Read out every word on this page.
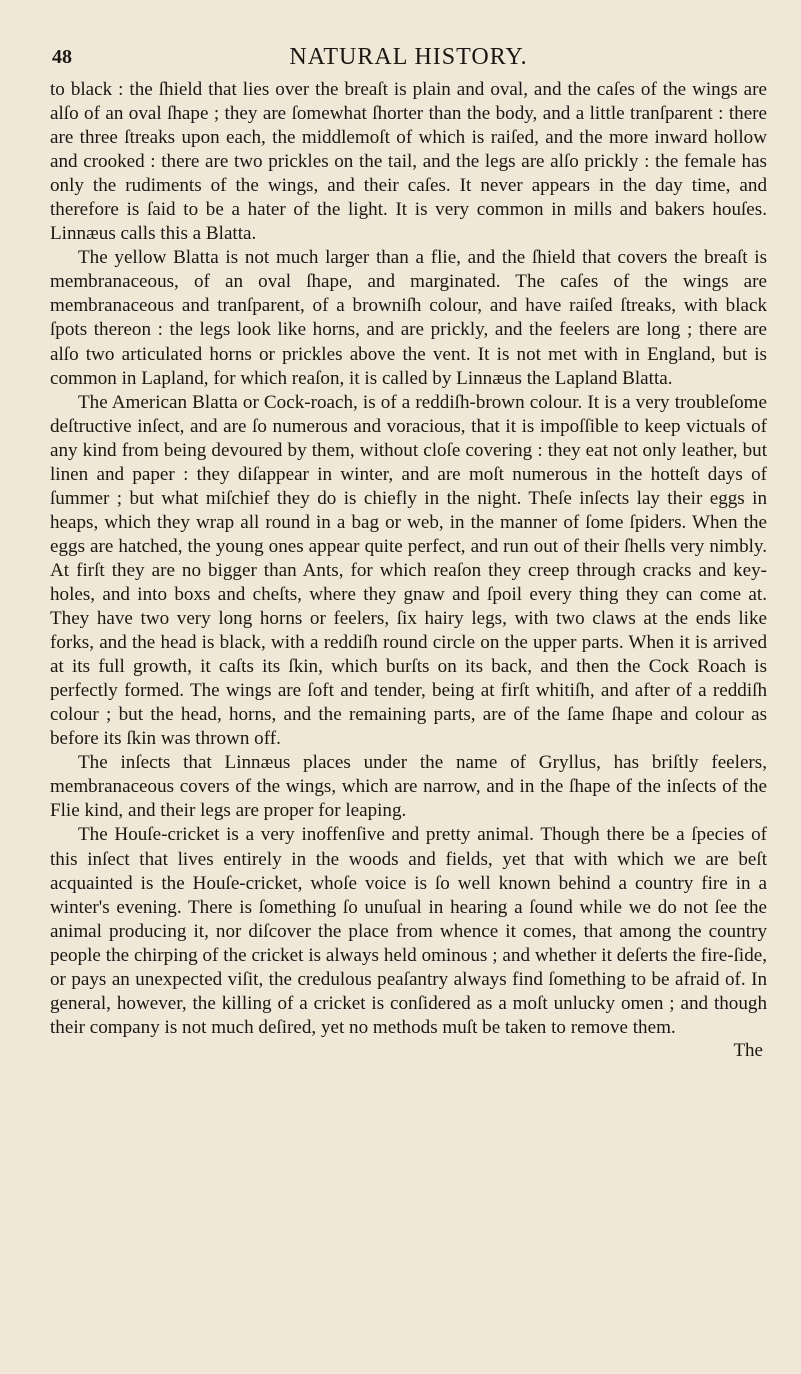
48	NATURAL HISTORY.

to black : the ſhield that lies over the breaſt is plain and oval, and the caſes of the wings are alſo of an oval ſhape ; they are ſomewhat ſhorter than the body, and a little tranſparent : there are three ſtreaks upon each, the middlemoſt of which is raiſed, and the more inward hollow and crooked : there are two prickles on the tail, and the legs are alſo prickly : the female has only the rudiments of the wings, and their caſes. It never appears in the day time, and therefore is ſaid to be a hater of the light. It is very common in mills and bakers houſes. Linnæus calls this a Blatta.

The yellow Blatta is not much larger than a flie, and the ſhield that covers the breaſt is membranaceous, of an oval ſhape, and marginated. The caſes of the wings are membranaceous and tranſparent, of a browniſh colour, and have raiſed ſtreaks, with black ſpots thereon : the legs look like horns, and are prickly, and the feelers are long ; there are alſo two articulated horns or prickles above the vent. It is not met with in England, but is common in Lapland, for which reaſon, it is called by Linnæus the Lapland Blatta.

The American Blatta or Cock-roach, is of a reddiſh-brown colour. It is a very troubleſome deſtructive inſect, and are ſo numerous and voracious, that it is impoſſible to keep victuals of any kind from being devoured by them, without cloſe covering : they eat not only leather, but linen and paper : they diſappear in winter, and are moſt numerous in the hotteſt days of ſummer ; but what miſchief they do is chiefly in the night. Theſe inſects lay their eggs in heaps, which they wrap all round in a bag or web, in the manner of ſome ſpiders. When the eggs are hatched, the young ones appear quite perfect, and run out of their ſhells very nimbly. At firſt they are no bigger than Ants, for which reaſon they creep through cracks and key-holes, and into boxs and cheſts, where they gnaw and ſpoil every thing they can come at. They have two very long horns or feelers, ſix hairy legs, with two claws at the ends like forks, and the head is black, with a reddiſh round circle on the upper parts. When it is arrived at its full growth, it caſts its ſkin, which burſts on its back, and then the Cock Roach is perfectly formed. The wings are ſoft and tender, being at firſt whitiſh, and after of a reddiſh colour ; but the head, horns, and the remaining parts, are of the ſame ſhape and colour as before its ſkin was thrown off.

The inſects that Linnæus places under the name of Gryllus, has briſtly feelers, membranaceous covers of the wings, which are narrow, and in the ſhape of the inſects of the Flie kind, and their legs are proper for leaping.

The Houſe-cricket is a very inoffenſive and pretty animal. Though there be a ſpecies of this inſect that lives entirely in the woods and fields, yet that with which we are beſt acquainted is the Houſe-cricket, whoſe voice is ſo well known behind a country fire in a winter's evening. There is ſomething ſo unuſual in hearing a ſound while we do not ſee the animal producing it, nor diſcover the place from whence it comes, that among the country people the chirping of the cricket is always held ominous ; and whether it deſerts the fire-ſide, or pays an unexpected viſit, the credulous peaſantry always find ſomething to be afraid of. In general, however, the killing of a cricket is conſidered as a moſt unlucky omen ; and though their company is not much deſired, yet no methods muſt be taken to remove them.

The
